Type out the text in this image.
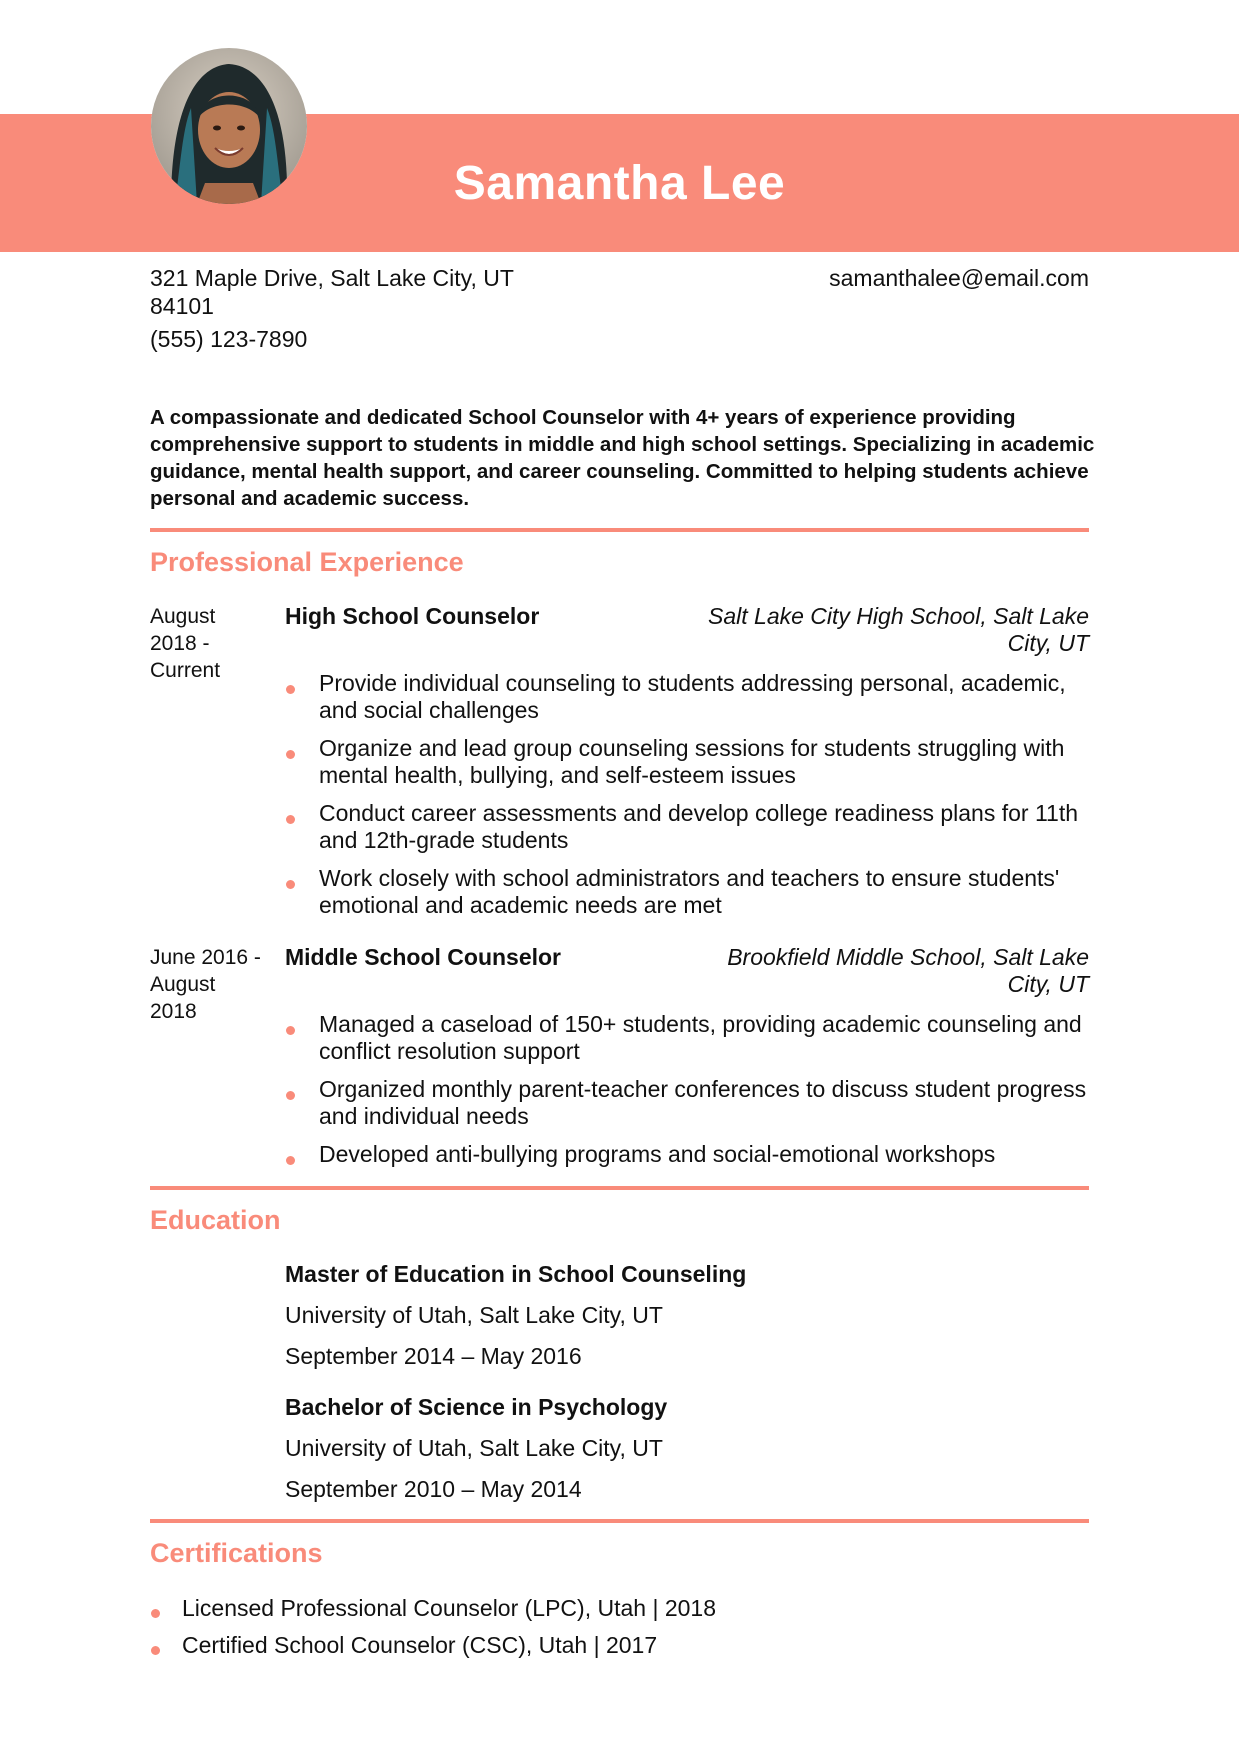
Samantha Lee
321 Maple Drive, Salt Lake City, UT 84101
(555) 123-7890
samanthalee@email.com
A compassionate and dedicated School Counselor with 4+ years of experience providing comprehensive support to students in middle and high school settings. Specializing in academic guidance, mental health support, and career counseling. Committed to helping students achieve personal and academic success.
Professional Experience
August 2018 - Current
High School Counselor	Salt Lake City High School, Salt Lake City, UT
Provide individual counseling to students addressing personal, academic, and social challenges
Organize and lead group counseling sessions for students struggling with mental health, bullying, and self-esteem issues
Conduct career assessments and develop college readiness plans for 11th and 12th-grade students
Work closely with school administrators and teachers to ensure students' emotional and academic needs are met
June 2016 - August 2018
Middle School Counselor	Brookfield Middle School, Salt Lake City, UT
Managed a caseload of 150+ students, providing academic counseling and conflict resolution support
Organized monthly parent-teacher conferences to discuss student progress and individual needs
Developed anti-bullying programs and social-emotional workshops
Education
Master of Education in School Counseling
University of Utah, Salt Lake City, UT
September 2014 – May 2016
Bachelor of Science in Psychology
University of Utah, Salt Lake City, UT
September 2010 – May 2014
Certifications
Licensed Professional Counselor (LPC), Utah | 2018
Certified School Counselor (CSC), Utah | 2017
